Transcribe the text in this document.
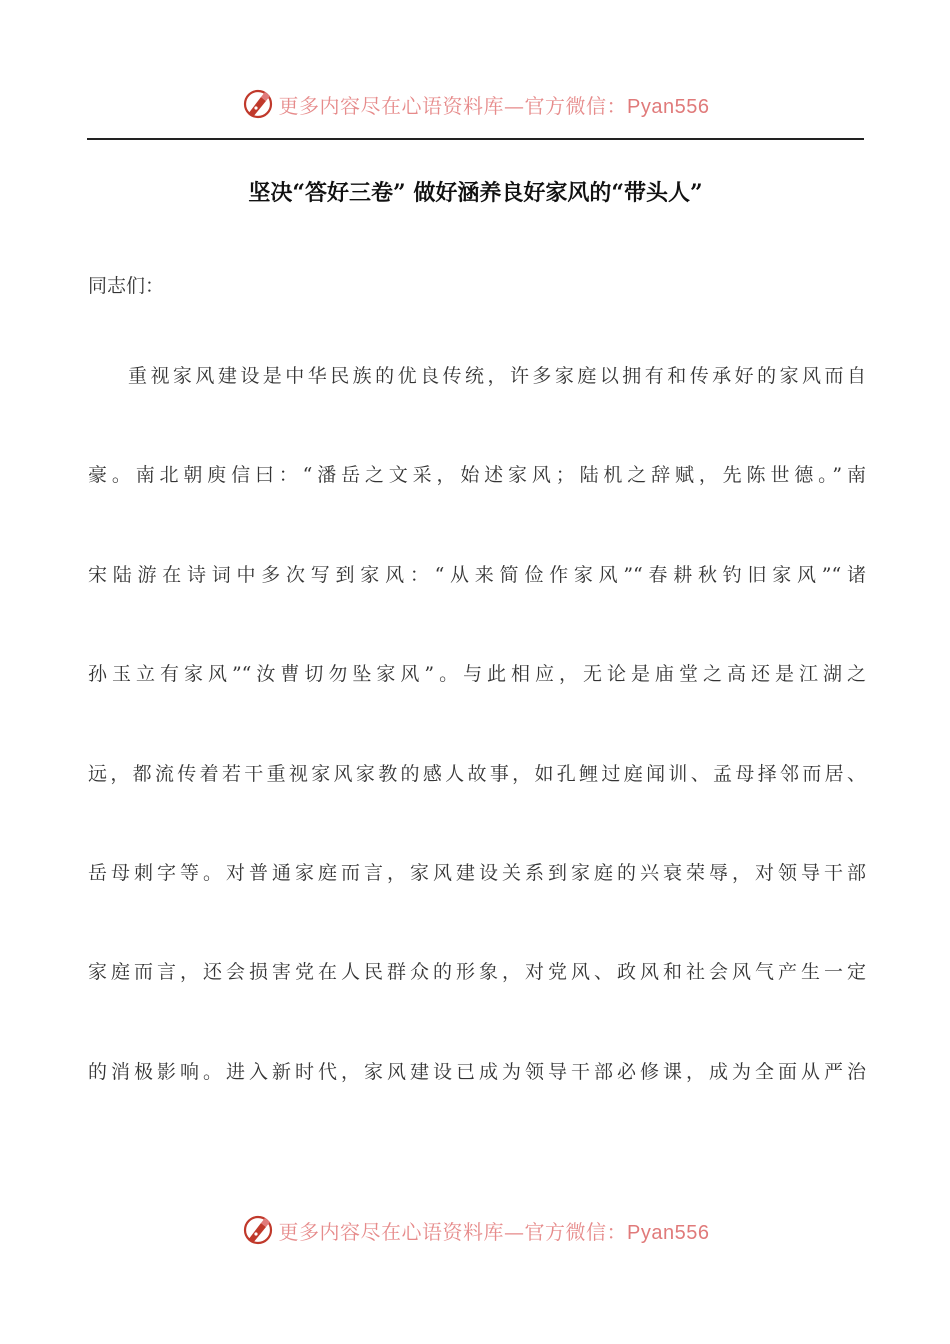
更多内容尽在心语资料库—官方微信：Pyan556
坚决“答好三卷” 做好涵养良好家风的“带头人”

同志们：

重视家风建设是中华民族的优良传统，许多家庭以拥有和传承好的家风而自

豪。南北朝庾信曰：“潘岳之文采，始述家风；陆机之辞赋，先陈世德。”南

宋陆游在诗词中多次写到家风：“从来简俭作家风”“春耕秋钓旧家风”“诸

孙玉立有家风”“汝曹切勿坠家风”。与此相应，无论是庙堂之高还是江湖之

远，都流传着若干重视家风家教的感人故事，如孔鲤过庭闻训、孟母择邻而居、

岳母刺字等。对普通家庭而言，家风建设关系到家庭的兴衰荣辱，对领导干部

家庭而言，还会损害党在人民群众的形象，对党风、政风和社会风气产生一定

的消极影响。进入新时代，家风建设已成为领导干部必修课，成为全面从严治

更多内容尽在心语资料库—官方微信：Pyan556
